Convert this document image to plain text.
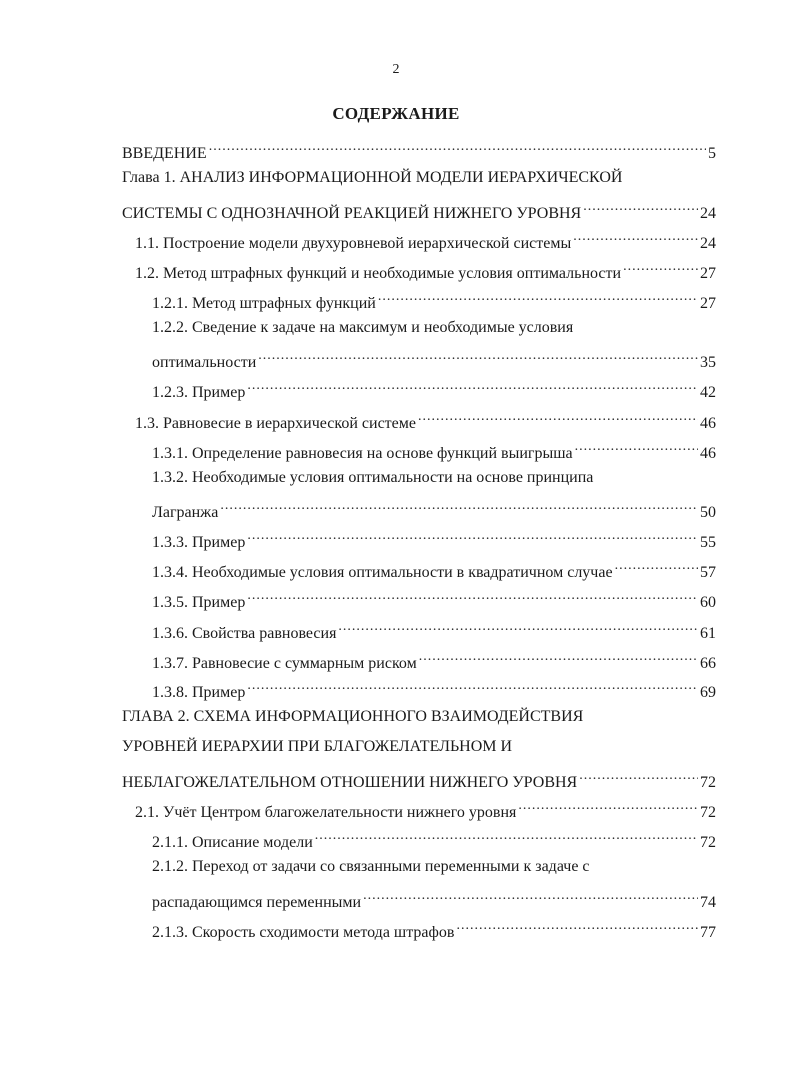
2
СОДЕРЖАНИЕ
ВВЕДЕНИЕ .....	5
Глава 1. АНАЛИЗ ИНФОРМАЦИОННОЙ МОДЕЛИ ИЕРАРХИЧЕСКОЙ
СИСТЕМЫ С ОДНОЗНАЧНОЙ РЕАКЦИЕЙ НИЖНЕГО УРОВНЯ .....	24
1.1. Построение модели двухуровневой иерархической системы .....	24
1.2. Метод штрафных функций и необходимые условия оптимальности .....	27
1.2.1. Метод штрафных функций .....	27
1.2.2. Сведение к задаче на максимум и необходимые условия
оптимальности .....	35
1.2.3. Пример .....	42
1.3. Равновесие в иерархической системе .....	46
1.3.1. Определение равновесия на основе функций выигрыша .....	46
1.3.2. Необходимые условия оптимальности на основе принципа
Лагранжа .....	50
1.3.3. Пример .....	55
1.3.4. Необходимые условия оптимальности в квадратичном случае .....	57
1.3.5. Пример .....	60
1.3.6. Свойства равновесия .....	61
1.3.7. Равновесие с суммарным риском .....	66
1.3.8. Пример .....	69
ГЛАВА 2. СХЕМА ИНФОРМАЦИОННОГО ВЗАИМОДЕЙСТВИЯ
УРОВНЕЙ ИЕРАРХИИ ПРИ БЛАГОЖЕЛАТЕЛЬНОМ И
НЕБЛАГОЖЕЛАТЕЛЬНОМ ОТНОШЕНИИ НИЖНЕГО УРОВНЯ .....	72
2.1. Учёт Центром благожелательности нижнего уровня .....	72
2.1.1. Описание модели .....	72
2.1.2. Переход от задачи со связанными переменными к задаче с
распадающимся переменными .....	74
2.1.3. Скорость сходимости метода штрафов .....	77
